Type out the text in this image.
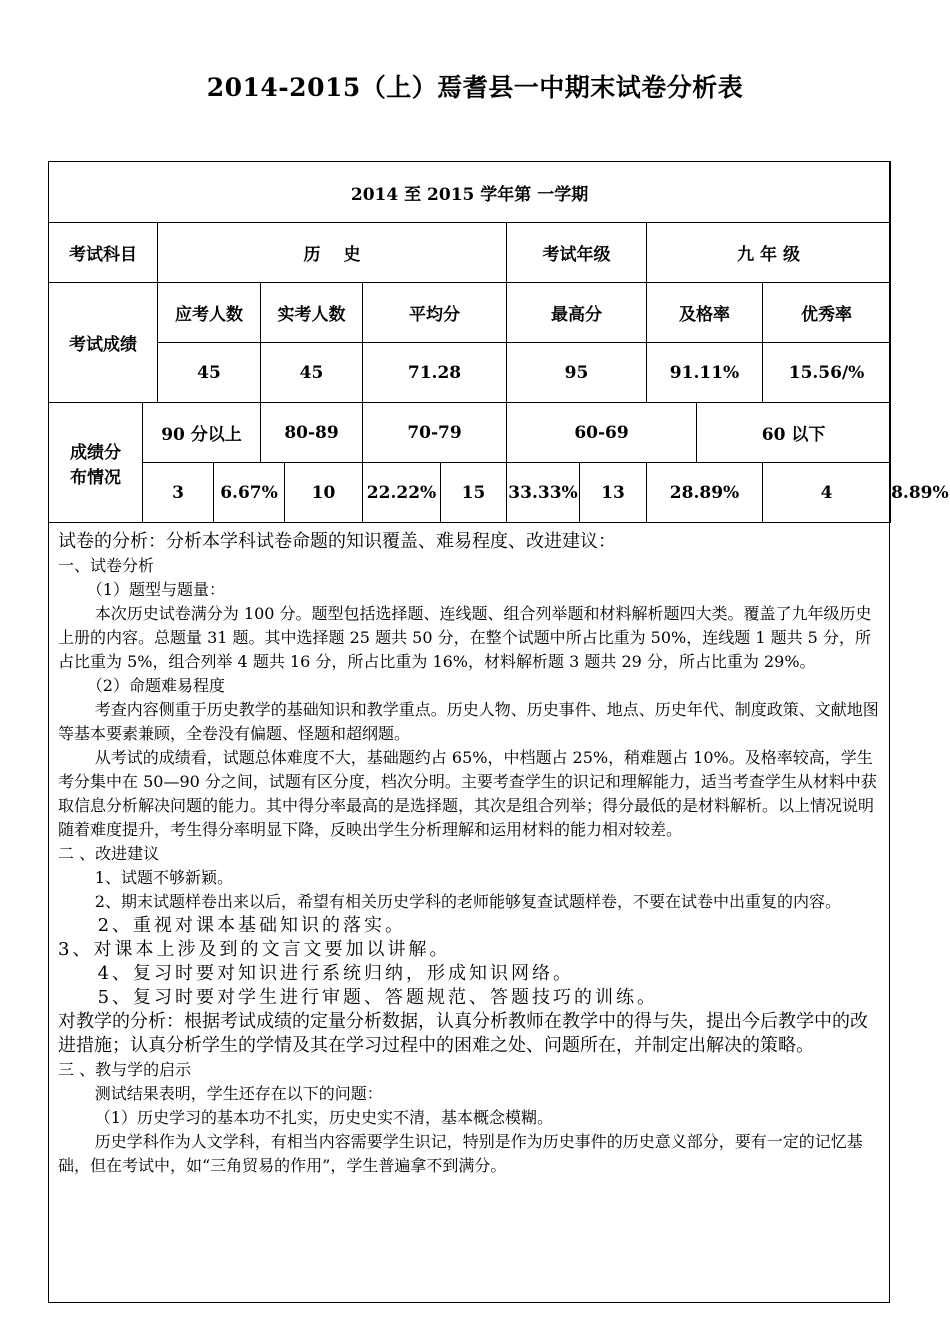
2014-2015（上）焉耆县一中期末试卷分析表
2014 至 2015 学年第 一学期													
考试科目		历　 史						考试年级		九 年 级			
考试成绩		应考人数		实考人数		平均分		最高分		及格率		优秀率	
		45		45		71.28		95		91.11%		15.56/%	
成绩分
布情况	90 分以上			80-89		70-79		60-69			60 以下		
	3		6.67%		10	22.22%	15	33.33%	13	28.89%		4	8.89%

试卷的分析：分析本学科试卷命题的知识覆盖、难易程度、改进建议：

一、试卷分析

（1）题型与题量：

本次历史试卷满分为 100 分。题型包括选择题、连线题、组合列举题和材料解析题四大类。覆盖了九年级历史上册的内容。总题量 31 题。其中选择题 25 题共 50 分，在整个试题中所占比重为 50%，连线题 1 题共 5 分，所占比重为 5%，组合列举 4 题共 16 分，所占比重为 16%，材料解析题 3 题共 29 分，所占比重为 29%。

（2）命题难易程度

考查内容侧重于历史教学的基础知识和教学重点。历史人物、历史事件、地点、历史年代、制度政策、文献地图等基本要素兼顾，全卷没有偏题、怪题和超纲题。

从考试的成绩看，试题总体难度不大，基础题约占 65%，中档题占 25%，稍难题占 10%。及格率较高，学生考分集中在 50—90 分之间，试题有区分度，档次分明。主要考查学生的识记和理解能力，适当考查学生从材料中获取信息分析解决问题的能力。其中得分率最高的是选择题，其次是组合列举；得分最低的是材料解析。以上情况说明随着难度提升，考生得分率明显下降，反映出学生分析理解和运用材料的能力相对较差。

二 、改进建议

1、试题不够新颖。

2、期末试题样卷出来以后，希望有相关历史学科的老师能够复查试题样卷，不要在试卷中出重复的内容。

2、重视对课本基础知识的落实。

3、对课本上涉及到的文言文要加以讲解。

4、复习时要对知识进行系统归纳，形成知识网络。

5、复习时要对学生进行审题、答题规范、答题技巧的训练。

对教学的分析：根据考试成绩的定量分析数据，认真分析教师在教学中的得与失，提出今后教学中的改进措施；认真分析学生的学情及其在学习过程中的困难之处、问题所在，并制定出解决的策略。

三 、教与学的启示

测试结果表明，学生还存在以下的问题：

（1）历史学习的基本功不扎实，历史史实不清，基本概念模糊。

历史学科作为人文学科，有相当内容需要学生识记，特别是作为历史事件的历史意义部分，要有一定的记忆基础，但在考试中，如“三角贸易的作用”，学生普遍拿不到满分。
